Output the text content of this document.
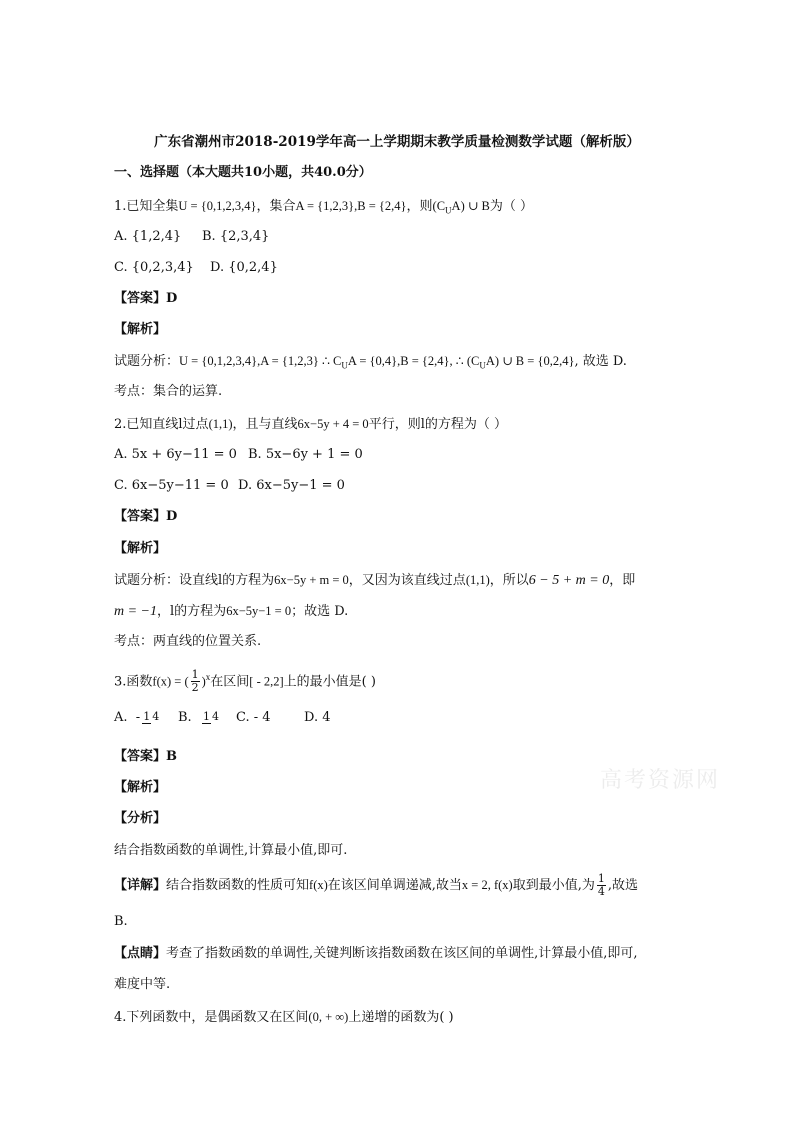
广东省潮州市2018-2019学年高一上学期期末教学质量检测数学试题（解析版）
一、选择题（本大题共10小题，共40.0分）
1.已知全集U = {0,1,2,3,4}，集合A = {1,2,3},B = {2,4}，则$(C_UA)$ ∪ B为（ ）
A. {1,2,4} B. {2,3,4}
C. {0,2,3,4} D. {0,2,4}
【答案】D
【解析】
试题分析：U = {0,1,2,3,4},A = {1,2,3} ∴ $C_UA = \{0,4\},B = \{2,4\}$, ∴ $(C_UA)$ ∪ B = {0,2,4}, 故选 D.
考点：集合的运算.
2.已知直线l过点(1,1)，且与直线6x−5y + 4 = 0平行，则l的方程为（ ）
A. 5x + 6y−11 = 0 B. 5x−6y + 1 = 0
C. 6x−5y−11 = 0 D. 6x−5y−1 = 0
【答案】D
【解析】
试题分析：设直线l的方程为6x−5y + m = 0，又因为该直线过点(1,1)，所以6 − 5 + m = 0，即
m = −1，l的方程为6x−5y−1 = 0；故选 D.
考点：两直线的位置关系.
3.函数f(x) = ( $\frac{1}{2} )^x$在区间[ - 2,2]上的最小值是( )
A. - 1 4 B. 1 4 C. - 4	D. 4
【答案】B
【解析】
【分析】
结合指数函数的单调性,计算最小值,即可.
【详解】结合指数函数的性质可知f(x)在该区间单调递减,故当x = 2, f(x)取到最小值,为 $\frac{1}{4}$ ,故选
B.
【点睛】考查了指数函数的单调性,关键判断该指数函数在该区间的单调性,计算最小值,即可,
难度中等.
4.下列函数中，是偶函数又在区间(0, + ∞)上递增的函数为( )
高考资源网
